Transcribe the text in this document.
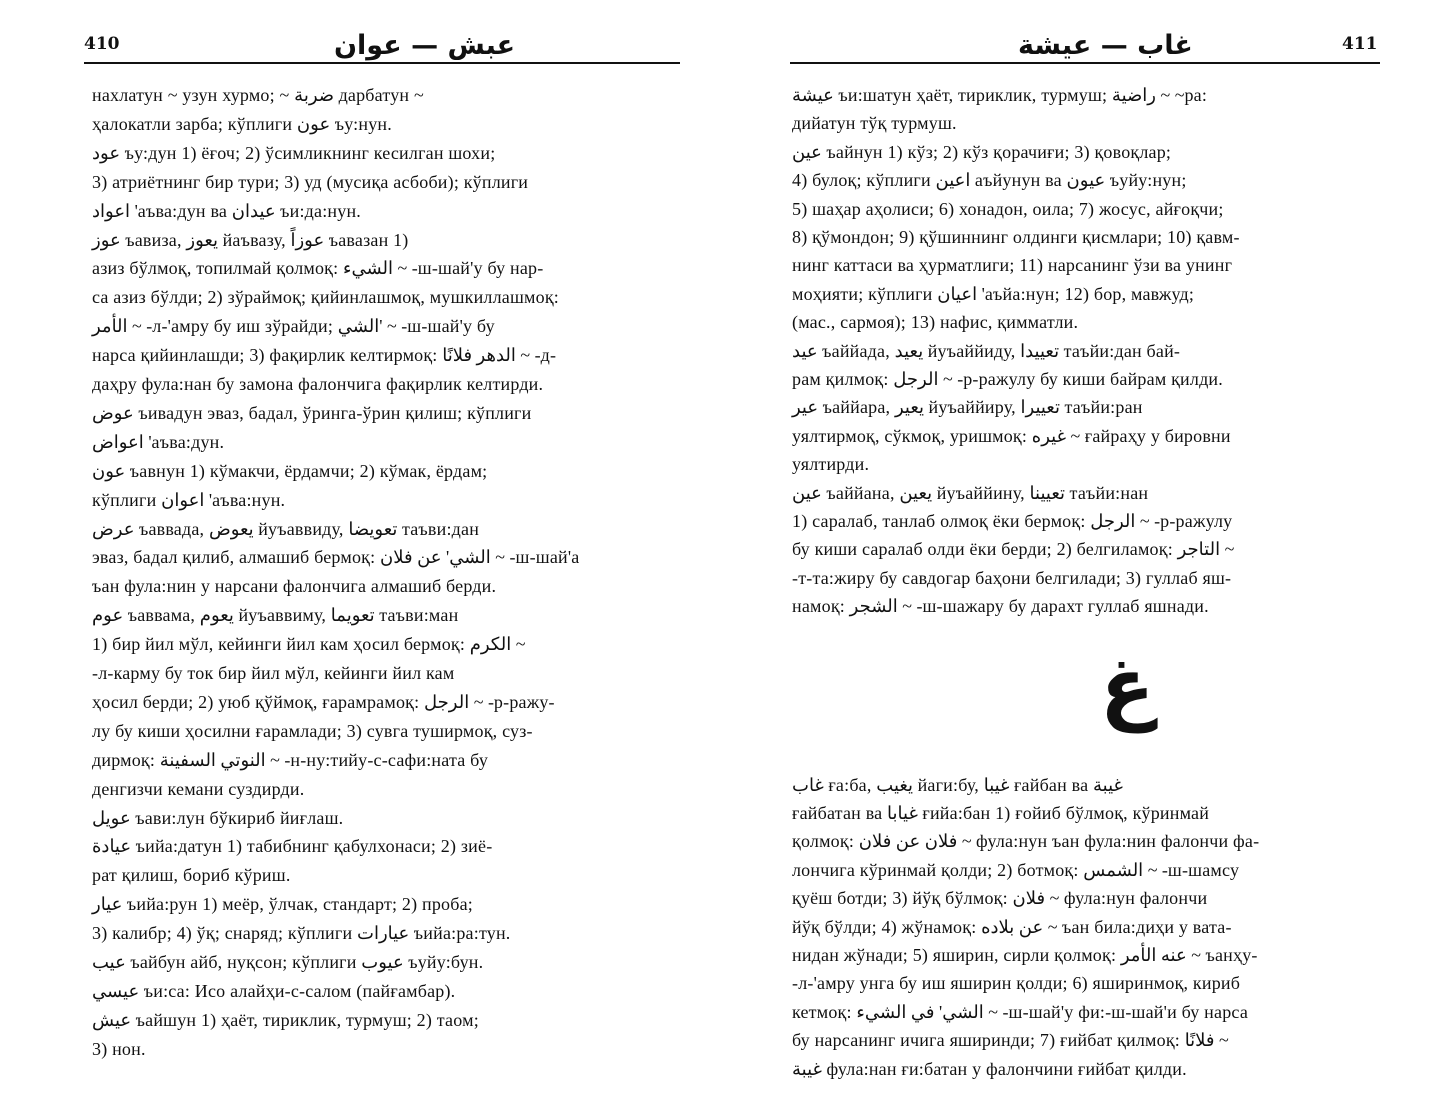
410	عبش — عوان
нахлатун ~ узун хурмо; ~ ضربة дарбатун ~
ҳалокатли зарба; кўплиги عون ъу:нун.
عود ъу:дун 1) ёғоч; 2) ўсимликнинг кесилган шохи;
3) атриётнинг бир тури; 3) уд (мусиқа асбоби); кўплиги
اعواد 'аъва:дун ва عيدان ъи:да:нун.
عوز ъавиза, يعوز йаъвазу, عوزاً ъавазан 1)
азиз бўлмоқ, топилмай қолмоқ: الشيء ~ -ш-шай'у бу нар-
са азиз бўлди; 2) зўраймоқ; қийинлашмоқ, мушкиллашмоқ:
الأمر ~ -л-'амру бу иш зўрайди; الشي' ~ -ш-шай'у бу
нарса қийинлашди; 3) фақирлик келтирмоқ: الدهر فلانًا ~ -д-
даҳру фула:нан бу замона фалончига фақирлик келтирди.
عوض ъивадун эваз, бадал, ўринга-ўрин қилиш; кўплиги
اعواض 'аъва:дун.
عون ъавнун 1) кўмакчи, ёрдамчи; 2) кўмак, ёрдам;
кўплиги اعوان 'аъва:нун.
عرض ъаввада, يعوض йуъаввиду, تعويضا таъви:дан
эваз, бадал қилиб, алмашиб бермоқ: الشي' عن فلان ~ -ш-шай'а
ъан фула:нин у нарсани фалончига алмашиб берди.
عوم ъаввама, يعوم йуъаввиму, تعويما таъви:ман
1) бир йил мўл, кейинги йил кам ҳосил бермоқ: الكرم ~
-л-карму бу ток бир йил мўл, кейинги йил кам
ҳосил берди; 2) уюб қўймоқ, ғарамрамоқ: الرجل ~ -р-ражу-
лу бу киши ҳосилни ғарамлади; 3) сувга туширмоқ, суз-
дирмоқ: النوتي السفينة ~ -н-ну:тийу-с-сафи:ната бу
денгизчи кемани суздирди.
عويل ъави:лун бўкириб йиғлаш.
عيادة ъийа:датун 1) табибнинг қабулхонаси; 2) зиё-
рат қилиш, бориб кўриш.
عيار ъийа:рун 1) меёр, ўлчак, стандарт; 2) проба;
3) калибр; 4) ўқ; снаряд; кўплиги عيارات ъийа:ра:тун.
عيب ъайбун айб, нуқсон; кўплиги عيوب ъуйу:бун.
عيسي ъи:са: Исо алайҳи-с-салом (пайғамбар).
عيش ъайшун 1) ҳаёт, тириклик, турмуш; 2) таом;
3) нон.
411
غاب — عيشة
عيشة ъи:шатун ҳаёт, тириклик, турмуш; راضية ~ ~ра:
дийатун тўқ турмуш.
عين ъайнун 1) кўз; 2) кўз қорачиғи; 3) қовоқлар;
4) булоқ; кўплиги اعين аъйунун ва عيون ъуйу:нун;
5) шаҳар аҳолиси; 6) хонадон, оила; 7) жосус, айғоқчи;
8) қўмондон; 9) қўшиннинг олдинги қисмлари; 10) қавм-
нинг каттаси ва ҳурматлиги; 11) нарсанинг ўзи ва унинг
моҳияти; кўплиги اعيان 'аъйа:нун; 12) бор, мавжуд;
(мас., сармоя); 13) нафис, қимматли.
عيد ъаййада, يعيد йуъаййиду, تعييدا таъйи:дан бай-
рам қилмоқ: الرجل ~ -р-ражулу бу киши байрам қилди.
عير ъаййара, يعير йуъаййиру, تعييرا таъйи:ран
уялтирмоқ, сўкмоқ, уришмоқ: غيره ~ ғайраҳу у бировни
уялтирди.
عين ъаййана, يعين йуъаййину, تعيينا таъйи:нан
1) саралаб, танлаб олмоқ ёки бермоқ: الرجل ~ -р-ражулу
бу киши саралаб олди ёки берди; 2) белгиламоқ: التاجر ~
-т-та:жиру бу савдогар баҳони белгилади; 3) гуллаб яш-
намоқ: الشجر ~ -ш-шажару бу дарахт гуллаб яшнади.
غاب ға:ба, يغيب йаги:бу, غيبا ғайбан ва غيبة
ғайбатан ва غيابا ғийа:бан 1) ғойиб бўлмоқ, кўринмай
қолмоқ: فلان عن فلان ~ фула:нун ъан фула:нин фалончи фа-
лончига кўринмай қолди; 2) ботмоқ: الشمس ~ -ш-шамсу
қуёш ботди; 3) йўқ бўлмоқ: فلان ~ фула:нун фалончи
йўқ бўлди; 4) жўнамоқ: عن بلاده ~ ъан била:диҳи у вата-
нидан жўнади; 5) яширин, сирли қолмоқ: عنه الأمر ~ ъанҳу-
-л-'амру унга бу иш яширин қолди; 6) яширинмоқ, кириб
кетмоқ: الشي' في الشيء ~ -ш-шай'у фи:-ш-шай'и бу нарса
бу нарсанинг ичига яширинди; 7) ғийбат қилмоқ: فلانًا ~
غيبة фула:нан ғи:батан у фалончини ғийбат қилди.
غ
